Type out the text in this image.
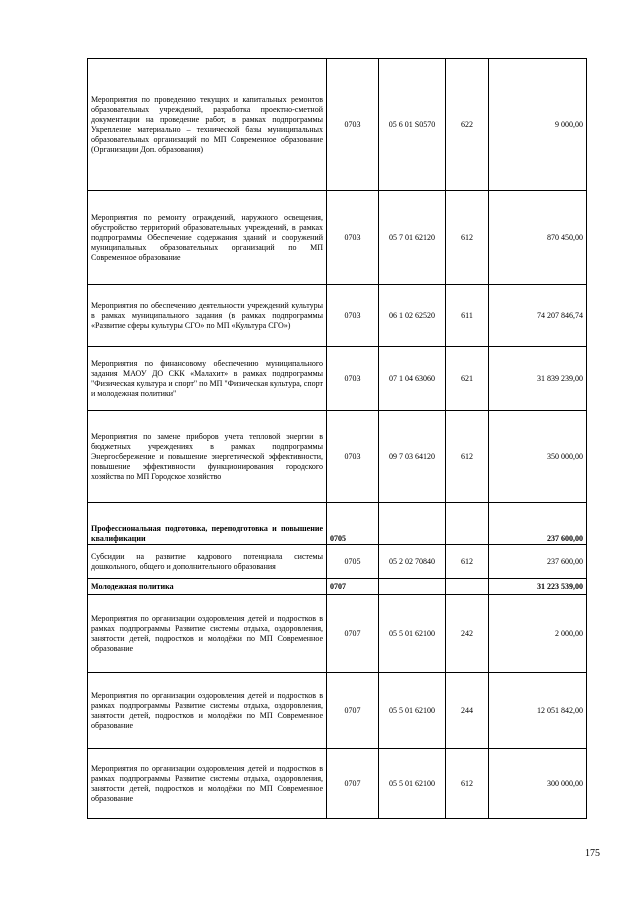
Мероприятия по проведению текущих и капитальных ремонтов образовательных учреждений, разработка проектно-сметной документации на проведение работ, в рамках подпрограммы Укрепление материально – технической базы муниципальных образовательных организаций по МП Современное образование (Организации Доп. образования)	0703	05 6 01 S0570	622	9 000,00
Мероприятия по ремонту ограждений, наружного освещения, обустройство территорий образовательных учреждений, в рамках подпрограммы Обеспечение содержания зданий и сооружений муниципальных образовательных организаций по МП Современное образование	0703	05 7 01 62120	612	870 450,00
Мероприятия по обеспечению деятельности учреждений культуры в рамках муниципального задания (в рамках подпрограммы «Развитие сферы культуры СГО» по МП «Культура СГО»)	0703	06 1 02 62520	611	74 207 846,74
Мероприятия по финансовому обеспечению муниципального задания МАОУ ДО СКК «Малахит» в рамках подпрограммы "Физическая культура и спорт" по МП "Физическая культура, спорт и молодежная политики"	0703	07 1 04 63060	621	31 839 239,00
Мероприятия по замене приборов учета тепловой энергии в бюджетных учреждениях в рамках подпрограммы Энергосбережение и повышение энергетической эффективности, повышение эффективности функционирования городского хозяйства по МП Городское хозяйство	0703	09 7 03 64120	612	350 000,00
Профессиональная подготовка, переподготовка и повышение квалификации	0705			237 600,00
Субсидии на развитие кадрового потенциала системы дошкольного, общего и дополнительного образования	0705	05 2 02 70840	612	237 600,00
Молодежная политика	0707			31 223 539,00
Мероприятия по организации оздоровления детей и подростков в рамках подпрограммы Развитие системы отдыха, оздоровления, занятости детей, подростков и молодёжи по МП Современное образование	0707	05 5 01 62100	242	2 000,00
Мероприятия по организации оздоровления детей и подростков в рамках подпрограммы Развитие системы отдыха, оздоровления, занятости детей, подростков и молодёжи по МП Современное образование	0707	05 5 01 62100	244	12 051 842,00
Мероприятия по организации оздоровления детей и подростков в рамках подпрограммы Развитие системы отдыха, оздоровления, занятости детей, подростков и молодёжи по МП Современное образование	0707	05 5 01 62100	612	300 000,00
175
